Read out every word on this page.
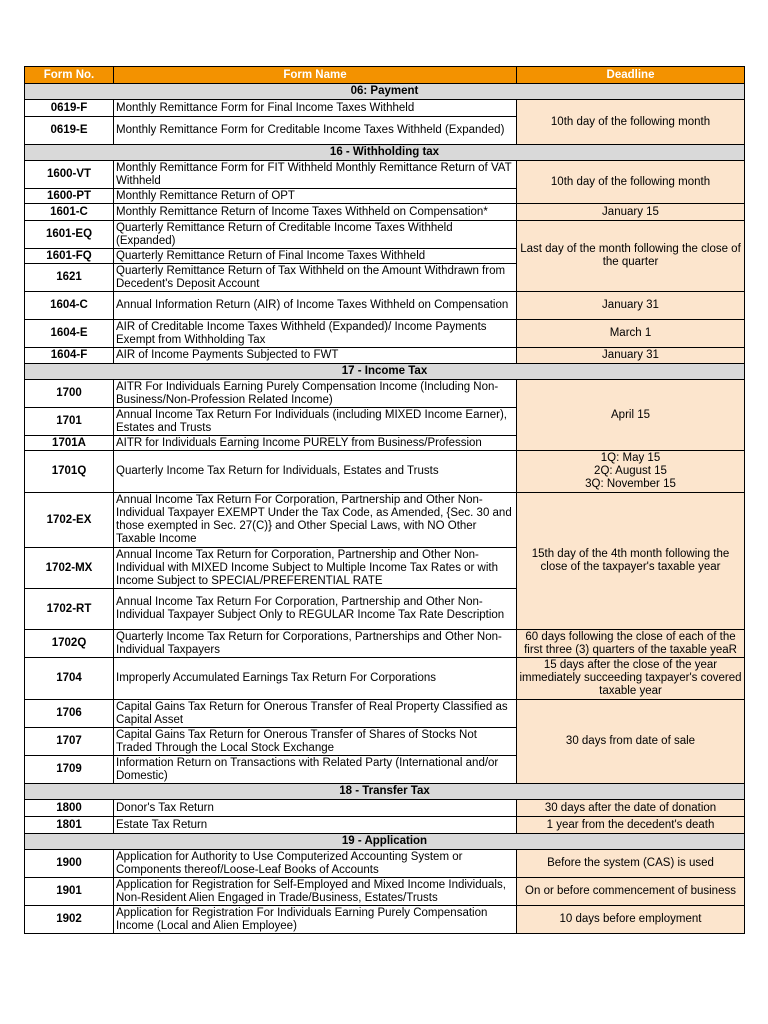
Form No.	Form Name	Deadline
06: Payment		
0619-F	Monthly Remittance Form for Final Income Taxes Withheld	10th day of the following month
0619-E	Monthly Remittance Form for Creditable Income Taxes Withheld (Expanded)	
16 - Withholding tax		
1600-VT	Monthly Remittance Form for FIT Withheld Monthly Remittance Return of VAT Withheld	10th day of the following month
1600-PT	Monthly Remittance Return of OPT	
1601-C	Monthly Remittance Return of Income Taxes Withheld on Compensation*	January 15
1601-EQ	Quarterly Remittance Return of Creditable Income Taxes Withheld (Expanded)	Last day of the month following the close of the quarter
1601-FQ	Quarterly Remittance Return of Final Income Taxes Withheld	
1621	Quarterly Remittance Return of Tax Withheld on the Amount Withdrawn from Decedent's Deposit Account	
1604-C	Annual Information Return (AIR) of Income Taxes Withheld on Compensation	January 31
1604-E	AIR of Creditable Income Taxes Withheld (Expanded)/ Income Payments Exempt from Withholding Tax	March 1
1604-F	AIR of Income Payments Subjected to FWT	January 31
17 - Income Tax		
1700	AITR For Individuals Earning Purely Compensation Income (Including Non-Business/Non-Profession Related Income)	April 15
1701	Annual Income Tax Return For Individuals (including MIXED Income Earner), Estates and Trusts	
1701A	AITR for Individuals Earning Income PURELY from Business/Profession	
1701Q	Quarterly Income Tax Return for Individuals, Estates and Trusts	1Q: May 15
2Q: August 15
3Q: November 15

1702-EX	Annual Income Tax Return For Corporation, Partnership and Other Non-Individual Taxpayer EXEMPT Under the Tax Code, as Amended, {Sec. 30 and those exempted in Sec. 27(C)} and Other Special Laws, with NO Other Taxable Income	15th day of the 4th month following the close of the taxpayer's taxable year
1702-MX	Annual Income Tax Return for Corporation, Partnership and Other Non-Individual with MIXED Income Subject to Multiple Income Tax Rates or with Income Subject to SPECIAL/PREFERENTIAL RATE	
1702-RT	Annual Income Tax Return For Corporation, Partnership and Other Non-Individual Taxpayer Subject Only to REGULAR Income Tax Rate Description	
1702Q	Quarterly Income Tax Return for Corporations, Partnerships and Other Non-Individual Taxpayers	60 days following the close of each of the first three (3) quarters of the taxable yeaR
1704	Improperly Accumulated Earnings Tax Return For Corporations	15 days after the close of the year immediately succeeding taxpayer's covered taxable year
1706	Capital Gains Tax Return for Onerous Transfer of Real Property Classified as Capital Asset	30 days from date of sale
1707	Capital Gains Tax Return for Onerous Transfer of Shares of Stocks Not Traded Through the Local Stock Exchange	
1709	Information Return on Transactions with Related Party (International and/or Domestic)	
18 - Transfer Tax		
1800	Donor's Tax Return	30 days after the date of donation
1801	Estate Tax Return	1 year from the decedent's death
19 - Application		
1900	Application for Authority to Use Computerized Accounting System or Components thereof/Loose-Leaf Books of Accounts	Before the system (CAS) is used
1901	Application for Registration for Self-Employed and Mixed Income Individuals, Non-Resident Alien Engaged in Trade/Business, Estates/Trusts	On or before commencement of business
1902	Application for Registration For Individuals Earning Purely Compensation Income (Local and Alien Employee)	10 days before employment
